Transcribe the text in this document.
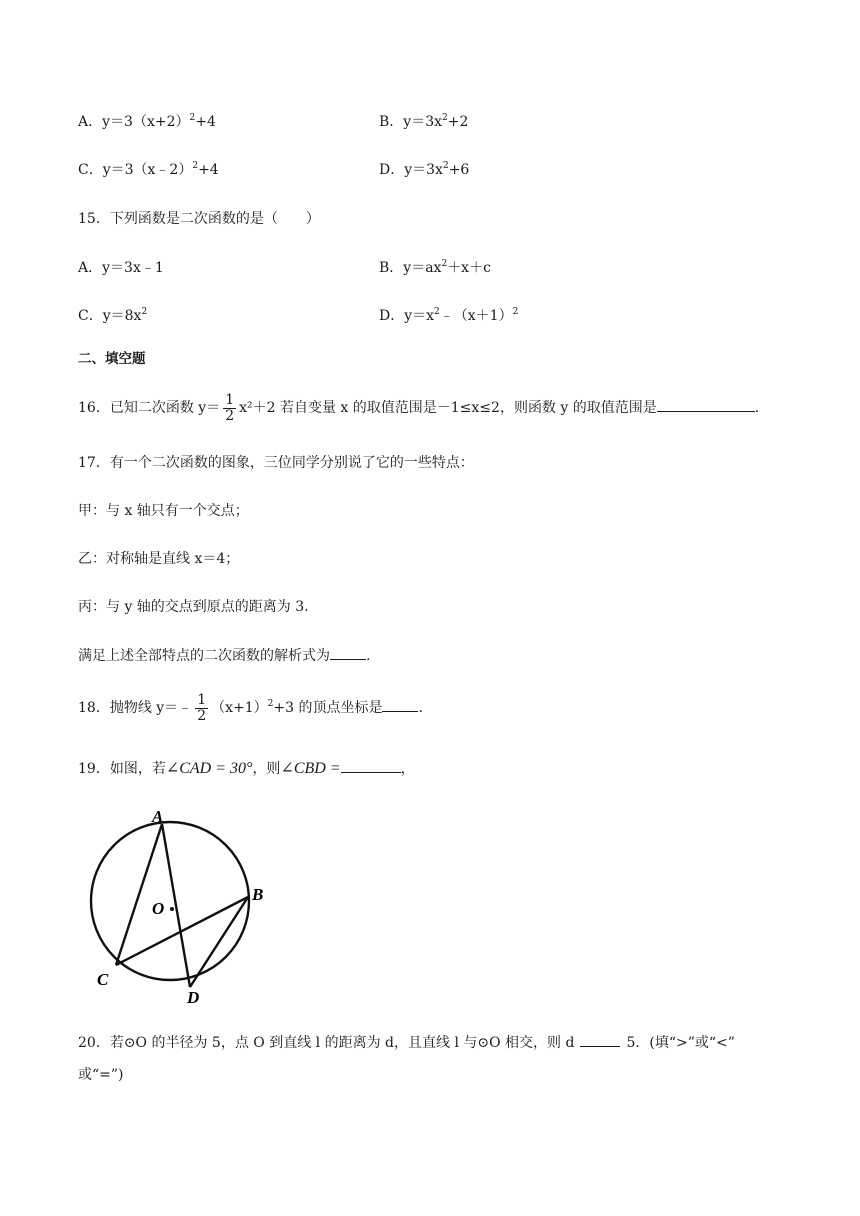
A．$y=3(x+2)^2+4$	B．$y=3x^2+2$
C．y＝3（x﹣2）$^2$+4	D．$y=3x^2+6$
15．下列函数是二次函数的是（　　）
A．y＝3x﹣1	B．$y=ax^2+x+c$
C．$y=8x^2$	D．$y=x^2﹣(x+1)^2$
二、填空题
16．已知二次函数 $y= \frac{1}{2} x^2+2$ 若自变量 x 的取值范围是－1≤x≤2，则函数 y 的取值范围是	.
17．有一个二次函数的图象，三位同学分别说了它的一些特点：
甲：与 x 轴只有一个交点；
乙：对称轴是直线 x＝4；
丙：与 y 轴的交点到原点的距离为 3.
满足上述全部特点的二次函数的解析式为	.
18．抛物线 y＝﹣ $\frac{1}{2} (x+1)^2+3$ 的顶点坐标是	.
19．如图，若∠CAD = 30°，则∠CBD =	，
A
B
C
D
O
20．若⊙O 的半径为 5，点 O 到直线 l 的距离为 d，且直线 l 与⊙O 相交，则 d	5．(填“>”或“<”
或“=”)
